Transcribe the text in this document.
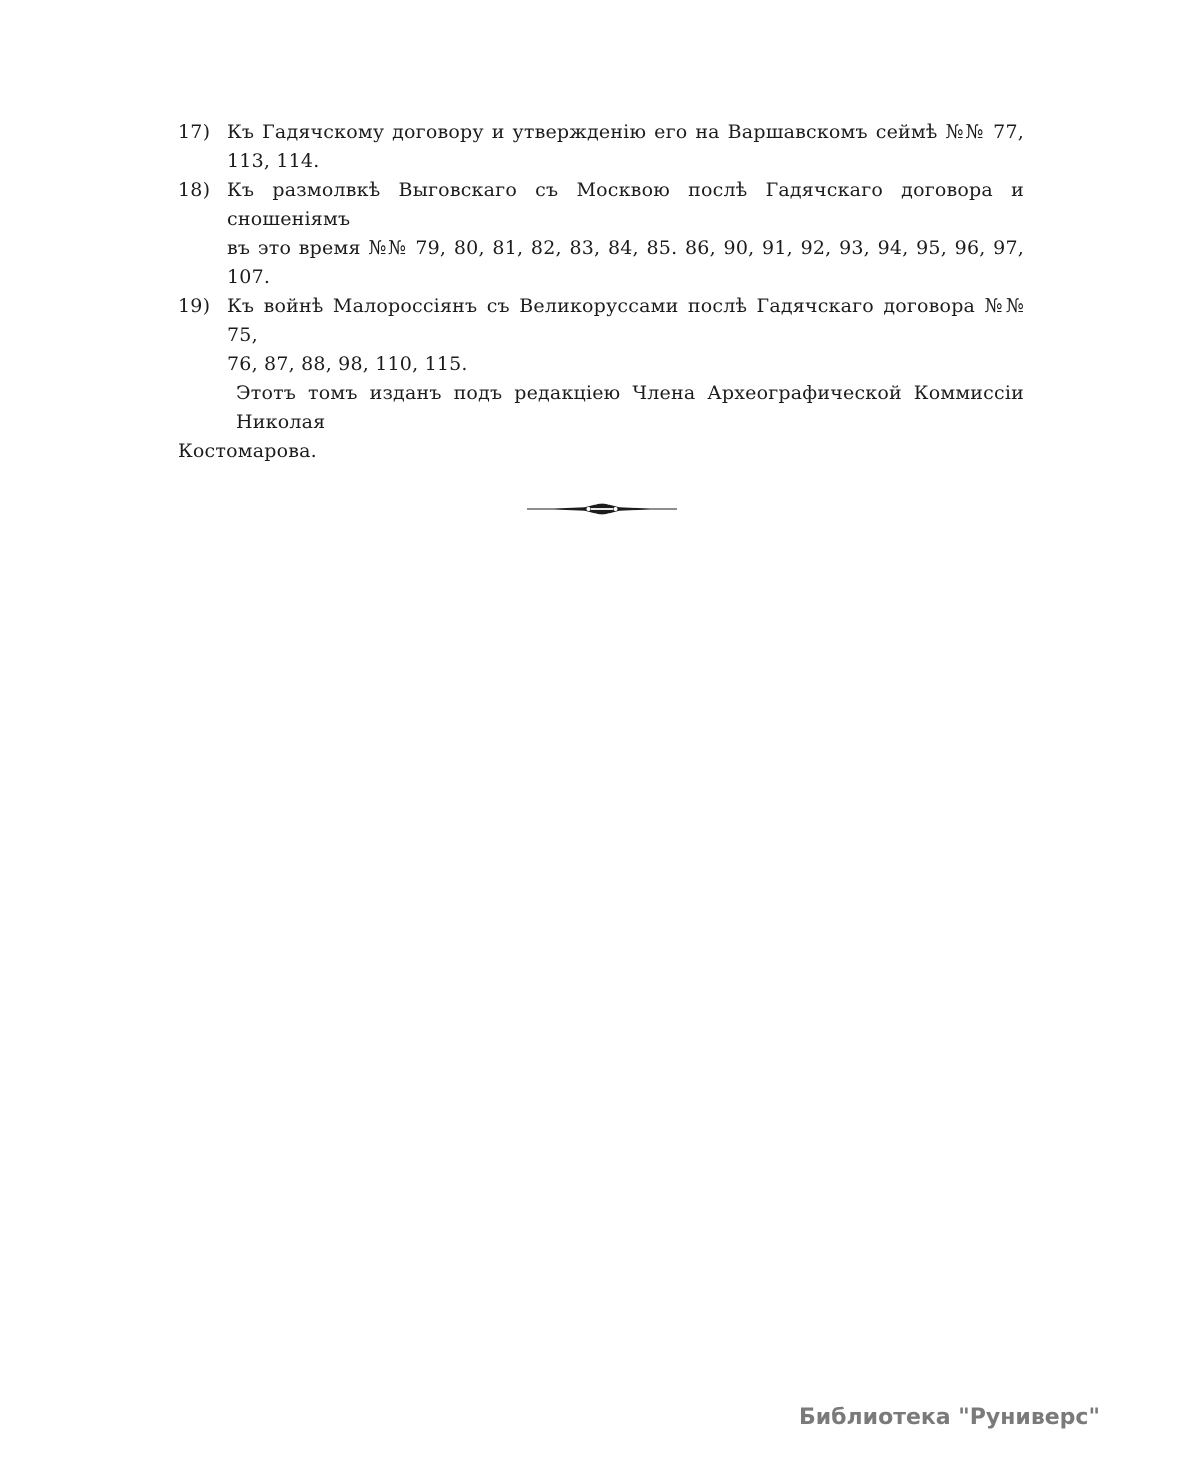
17) Къ Гадячскому договору и утвержденію его на Варшавскомъ сеймѣ №№ 77,
113, 114.
18) Къ размолвкѣ Выговскаго съ Москвою послѣ Гадячскаго договора и сношеніямъ
въ это время №№ 79, 80, 81, 82, 83, 84, 85. 86, 90, 91, 92, 93, 94, 95, 96, 97, 107.
19) Къ войнѣ Малороссіянъ съ Великоруссами послѣ Гадячскаго договора №№ 75,
76, 87, 88, 98, 110, 115.
Этотъ томъ изданъ подъ редакціею Члена Археографической Коммиссіи Николая
Костомарова.
Библиотека "Руниверс"
